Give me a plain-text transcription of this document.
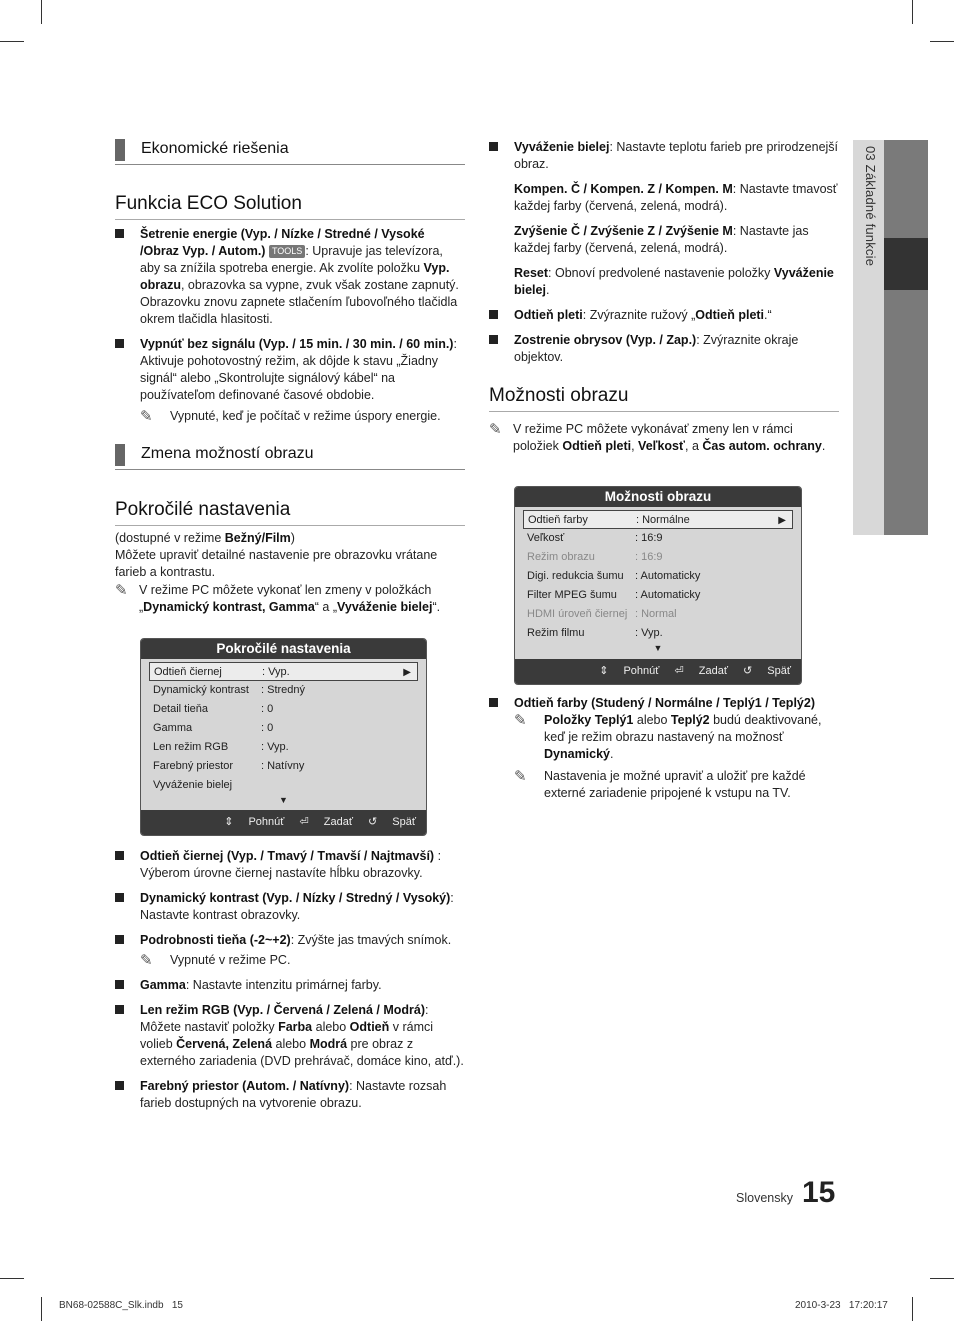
03 Základné funkcie
Ekonomické riešenia
Funkcia ECO Solution
Šetrenie energie (Vyp. / Nízke / Stredné / Vysoké /Obraz Vyp. / Autom.) TOOLS : Upravuje jas televízora, aby sa znížila spotreba energie. Ak zvolíte položku Vyp. obrazu, obrazovka sa vypne, zvuk však zostane zapnutý. Obrazovku znovu zapnete stlačením ľubovoľného tlačidla okrem tlačidla hlasitosti.
Vypnúť bez signálu (Vyp. / 15 min. / 30 min. / 60 min.): Aktivuje pohotovostný režim, ak dôjde k stavu „Žiadny signál“ alebo „Skontrolujte signálový kábel“ na používateľom definované časové obdobie.
✎ Vypnuté, keď je počítač v režime úspory energie.
Zmena možností obrazu
Pokročilé nastavenia
(dostupné v režime Bežný/Film)
Môžete upraviť detailné nastavenie pre obrazovku vrátane farieb a kontrastu.
✎ V režime PC môžete vykonať len zmeny v položkách „Dynamický kontrast, Gamma“ a „Vyváženie bielej“.
Odtieň čiernej (Vyp. / Tmavý / Tmavší / Najtmavší) : Výberom úrovne čiernej nastavíte hĺbku obrazovky.
Dynamický kontrast (Vyp. / Nízky / Stredný / Vysoký): Nastavte kontrast obrazovky.
Podrobnosti tieňa (-2~+2): Zvýšte jas tmavých snímok.
✎ Vypnuté v režime PC.
Gamma: Nastavte intenzitu primárnej farby.
Len režim RGB (Vyp. / Červená / Zelená / Modrá): Môžete nastaviť položky Farba alebo Odtieň v rámci volieb Červená, Zelená alebo Modrá pre obraz z externého zariadenia (DVD prehrávač, domáce kino, atď.).
Farebný priestor (Autom. / Natívny): Nastavte rozsah farieb dostupných na vytvorenie obrazu.
Pokročilé nastavenia
Odtieň čiernej	: Vyp.	▶
Dynamický kontrast : Stredný
Detail tieňa	: 0
Gamma	: 0
Len režim RGB	: Vyp.
Farebný priestor	: Natívny
Vyváženie bielej
▼
⇕ Pohnúť ⏎ Zadať ↺ Späť
Vyváženie bielej: Nastavte teplotu farieb pre prirodzenejší obraz.
Kompen. Č / Kompen. Z / Kompen. M: Nastavte tmavosť každej farby (červená, zelená, modrá).
Zvýšenie Č / Zvýšenie Z / Zvýšenie M: Nastavte jas každej farby (červená, zelená, modrá).
Reset: Obnoví predvolené nastavenie položky Vyváženie bielej.
Odtieň pleti: Zvýraznite ružový „Odtieň pleti.“
Zostrenie obrysov (Vyp. / Zap.): Zvýraznite okraje objektov.
Možnosti obrazu
✎ V režime PC môžete vykonávať zmeny len v rámci položiek Odtieň pleti, Veľkosť, a Čas autom. ochrany.
Odtieň farby (Studený / Normálne / Teplý1 / Teplý2)
✎ Položky Teplý1 alebo Teplý2 budú deaktivované, keď je režim obrazu nastavený na možnosť Dynamický.
✎ Nastavenia je možné upraviť a uložiť pre každé externé zariadenie pripojené k vstupu na TV.
Možnosti obrazu
Odtieň farby	: Normálne	▶
Veľkosť	: 16:9
Režim obrazu	: 16:9
Digi. redukcia šumu : Automaticky
Filter MPEG šumu : Automaticky
HDMI úroveň čiernej : Normal
Režim filmu	: Vyp.
▼
⇕ Pohnúť ⏎ Zadať ↺ Späť
Slovensky 15
BN68-02588C_Slk.indb   15	2010-3-23   17:20:17
